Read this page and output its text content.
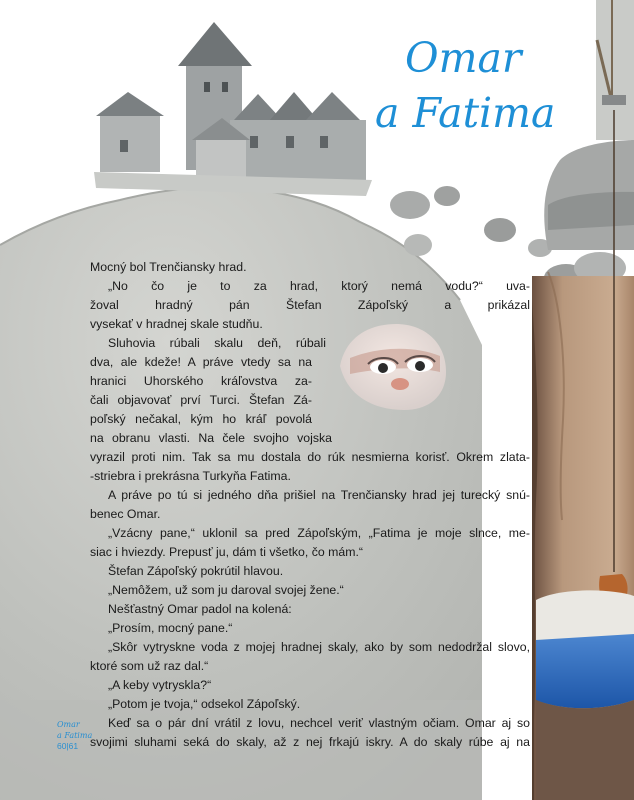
Omar
a Fatima
Mocný bol Trenčiansky hrad.
„No čo je to za hrad, ktorý nemá vodu?“ uva-
žoval hradný pán Štefan Zápoľský a prikázal
vysekať v hradnej skale studňu.
Sluhovia rúbali skalu deň, rúbali
dva, ale kdeže! A práve vtedy sa na
hranici Uhorského kráľovstva za-
čali objavovať prví Turci. Štefan Zá-
poľský nečakal, kým ho kráľ povolá
na obranu vlasti. Na čele svojho vojska
vyrazil proti nim. Tak sa mu dostala do rúk nesmierna korisť. Okrem zlata-
-striebra i prekrásna Turkyňa Fatima.
A práve po tú si jedného dňa prišiel na Trenčiansky hrad jej turecký snú-
benec Omar.
„Vzácny pane,“ uklonil sa pred Zápoľským, „Fatima je moje slnce, me-
siac i hviezdy. Prepusť ju, dám ti všetko, čo mám.“
Štefan Zápoľský pokrútil hlavou.
„Nemôžem, už som ju daroval svojej žene.“
Nešťastný Omar padol na kolená:
„Prosím, mocný pane.“
„Skôr vytryskne voda z mojej hradnej skaly, ako by som nedodržal slovo,
ktoré som už raz dal.“
„A keby vytryskla?“
„Potom je tvoja,“ odsekol Zápoľský.
Keď sa o pár dní vrátil z lovu, nechcel veriť vlastným očiam. Omar aj so
svojimi sluhami seká do skaly, až z nej frkajú iskry. A do skaly rúbe aj na
Omar
a Fatima
60|61
